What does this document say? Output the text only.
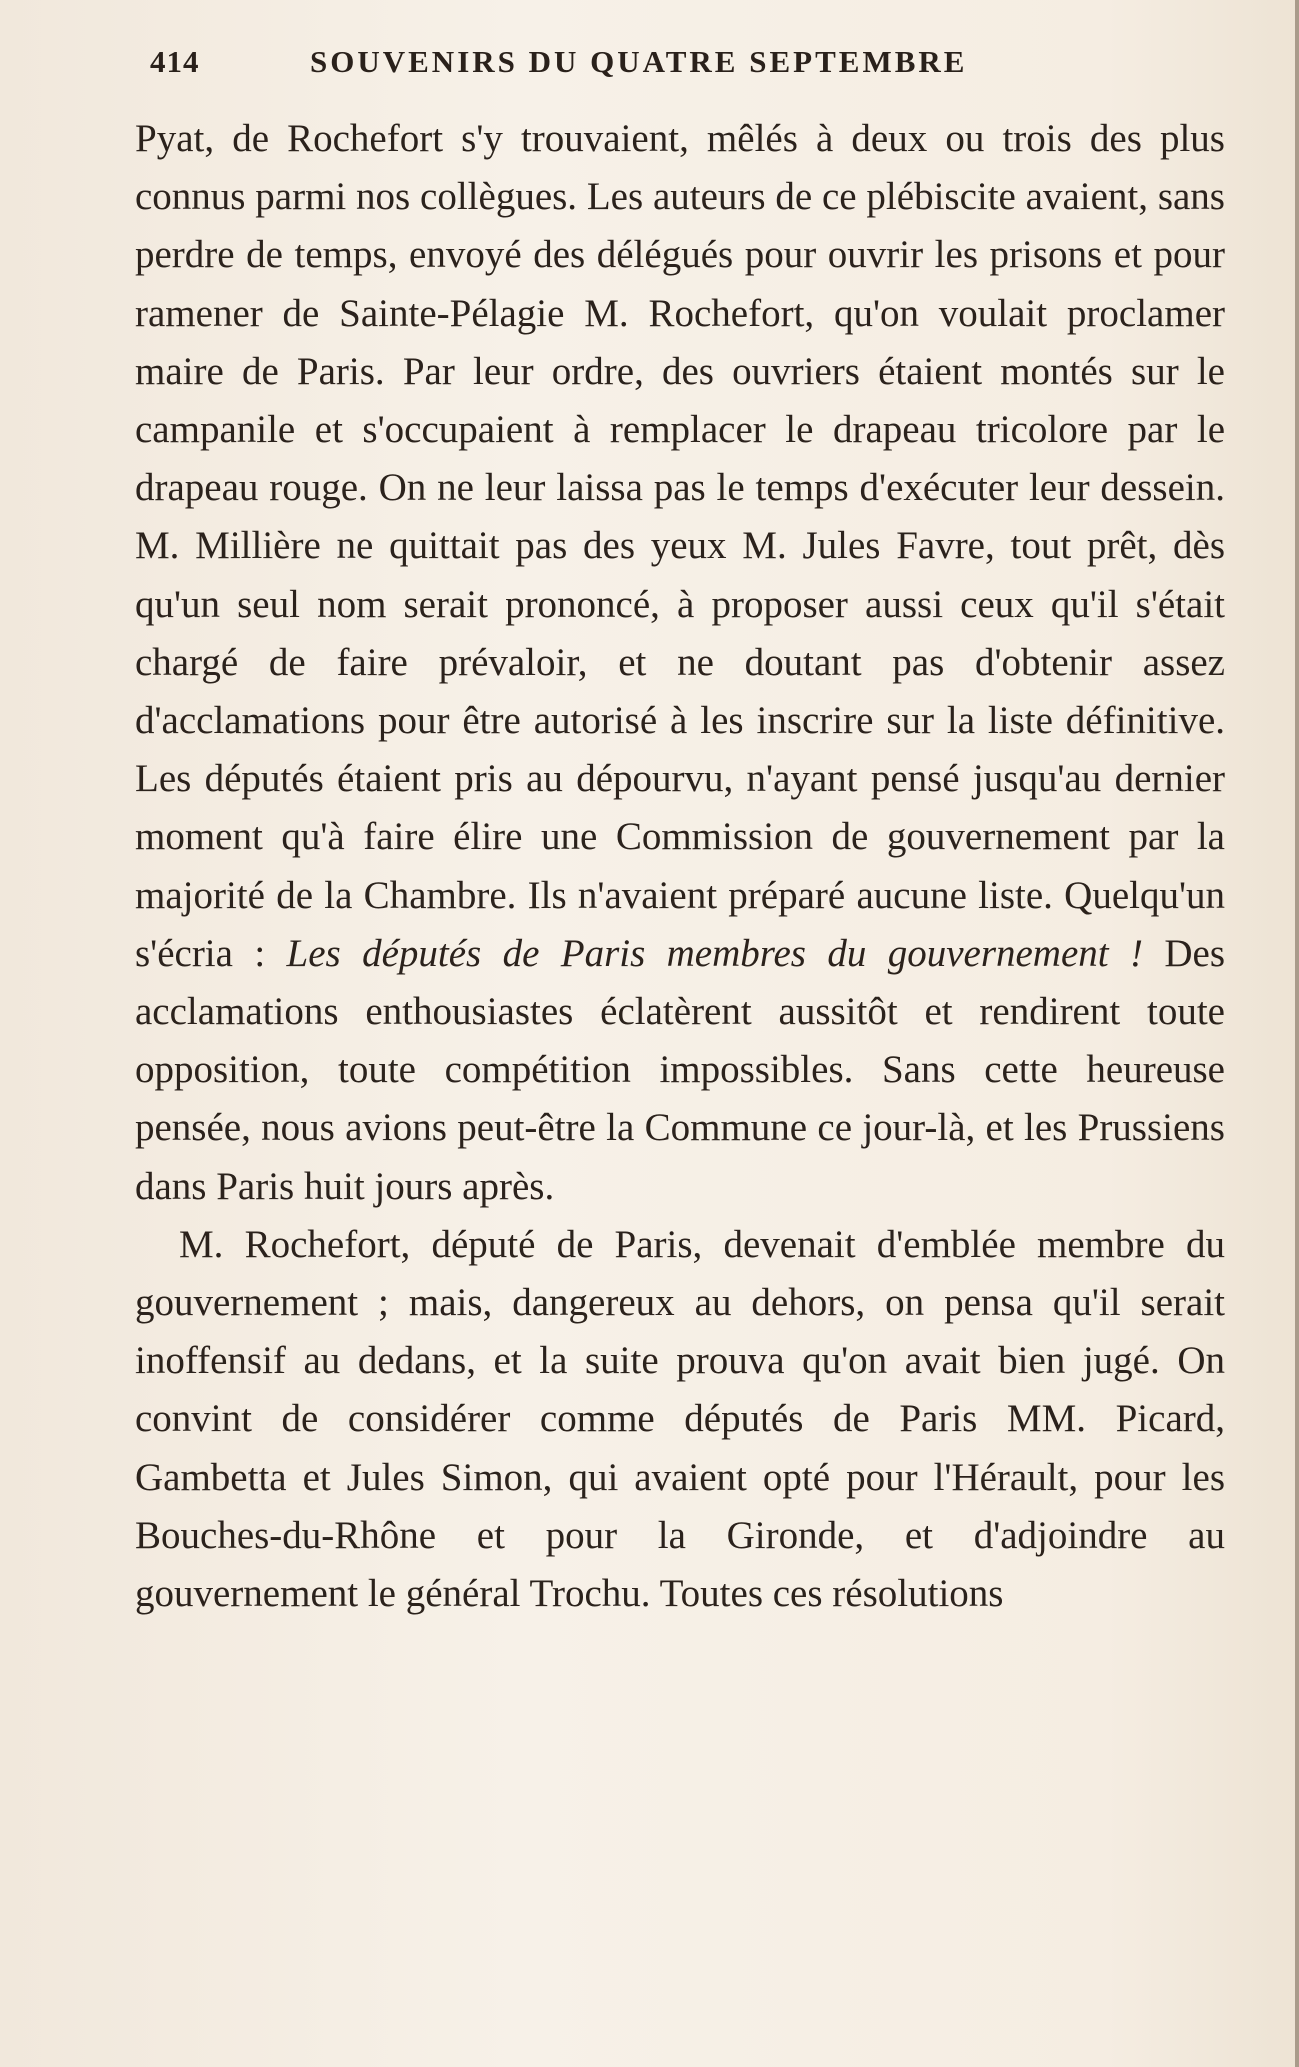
414	SOUVENIRS DU QUATRE SEPTEMBRE

Pyat, de Rochefort s'y trouvaient, mêlés à deux ou trois des plus connus parmi nos collègues. Les auteurs de ce plébiscite avaient, sans perdre de temps, envoyé des délégués pour ouvrir les prisons et pour ramener de Sainte-Pélagie M. Rochefort, qu'on voulait proclamer maire de Paris. Par leur ordre, des ouvriers étaient montés sur le campanile et s'occupaient à remplacer le drapeau tricolore par le drapeau rouge. On ne leur laissa pas le temps d'exécuter leur dessein. M. Millière ne quittait pas des yeux M. Jules Favre, tout prêt, dès qu'un seul nom serait prononcé, à proposer aussi ceux qu'il s'était chargé de faire prévaloir, et ne doutant pas d'obtenir assez d'acclamations pour être autorisé à les inscrire sur la liste définitive. Les députés étaient pris au dépourvu, n'ayant pensé jusqu'au dernier moment qu'à faire élire une Commission de gouvernement par la majorité de la Chambre. Ils n'avaient préparé aucune liste. Quelqu'un s'écria : Les députés de Paris membres du gouvernement ! Des acclamations enthousiastes éclatèrent aussitôt et rendirent toute opposition, toute compétition impossibles. Sans cette heureuse pensée, nous avions peut-être la Commune ce jour-là, et les Prussiens dans Paris huit jours après.

M. Rochefort, député de Paris, devenait d'emblée membre du gouvernement ; mais, dangereux au dehors, on pensa qu'il serait inoffensif au dedans, et la suite prouva qu'on avait bien jugé. On convint de considérer comme députés de Paris MM. Picard, Gambetta et Jules Simon, qui avaient opté pour l'Hérault, pour les Bouches-du-Rhône et pour la Gironde, et d'adjoindre au gouvernement le général Trochu. Toutes ces résolutions
